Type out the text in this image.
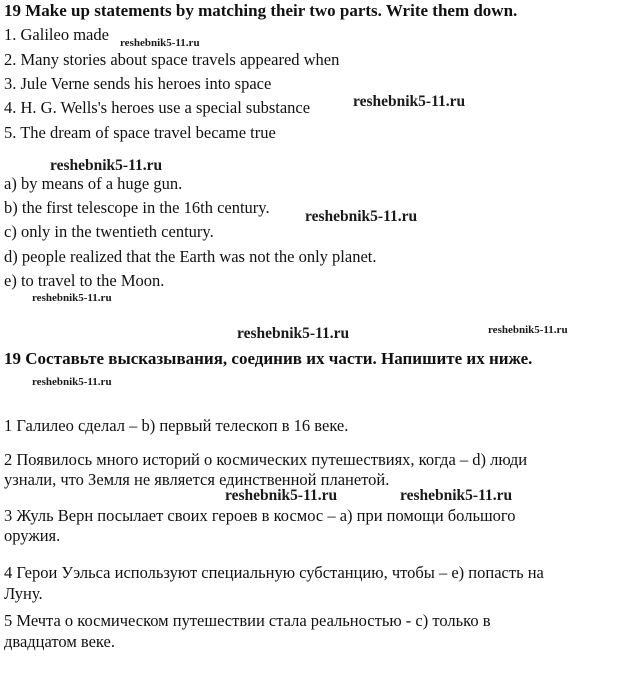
19 Make up statements by matching their two parts. Write them down.
1. Galileo made
2. Many stories about space travels appeared when
3. Jule Verne sends his heroes into space
4. H. G. Wells's heroes use a special substance
5. The dream of space travel became true
a) by means of a huge gun.
b) the first telescope in the 16th century.
c) only in the twentieth century.
d) people realized that the Earth was not the only planet.
e) to travel to the Moon.
19 Составьте высказывания, соединив их части. Напишите их ниже.
1 Галилео сделал – b) первый телескоп в 16 веке.
2 Появилось много историй о космических путешествиях, когда – d) люди
узнали, что Земля не является единственной планетой.
3 Жуль Верн посылает своих героев в космос – а) при помощи большого
оружия.
4 Герои Уэльса используют специальную субстанцию, чтобы – е) попасть на
Луну.
5 Мечта о космическом путешествии стала реальностью - с) только в
двадцатом веке.
reshebnik5-11.ru
reshebnik5-11.ru
reshebnik5-11.ru
reshebnik5-11.ru
reshebnik5-11.ru
reshebnik5-11.ru	reshebnik5-11.ru
reshebnik5-11.ru
reshebnik5-11.ru	reshebnik5-11.ru
